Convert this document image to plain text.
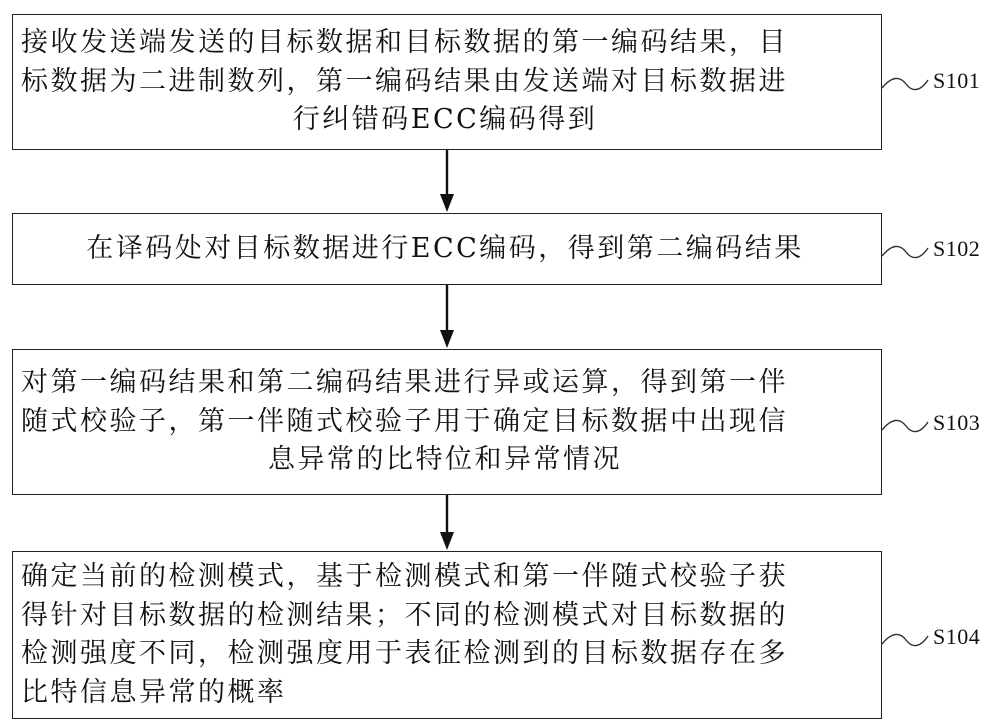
接收发送端发送的目标数据和目标数据的第一编码结果，目
标数据为二进制数列，第一编码结果由发送端对目标数据进
行纠错码ECC编码得到

S101

在译码处对目标数据进行ECC编码，得到第二编码结果	S102

对第一编码结果和第二编码结果进行异或运算，得到第一伴
随式校验子，第一伴随式校验子用于确定目标数据中出现信
息异常的比特位和异常情况

S103

确定当前的检测模式，基于检测模式和第一伴随式校验子获
得针对目标数据的检测结果；不同的检测模式对目标数据的
检测强度不同，检测强度用于表征检测到的目标数据存在多
比特信息异常的概率

S104
